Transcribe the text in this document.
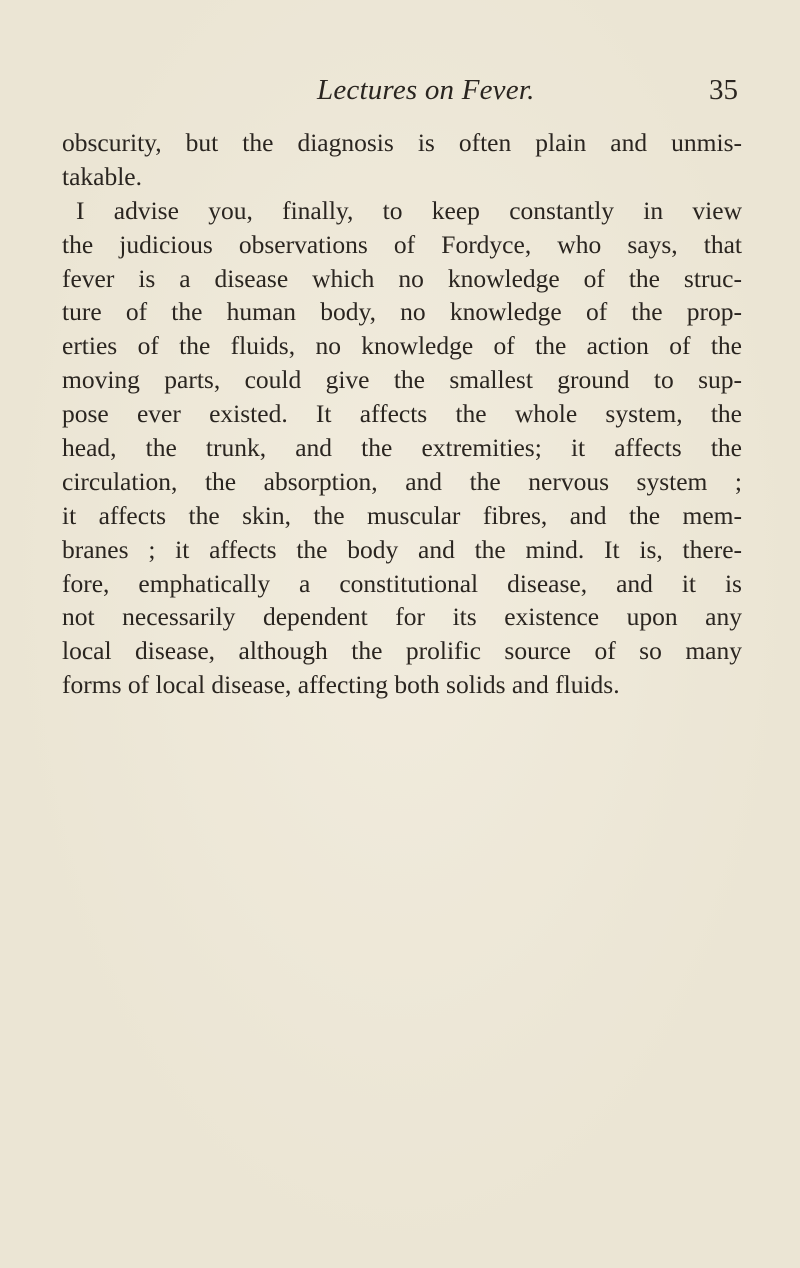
Lectures on Fever.	35
obscurity, but the diagnosis is often plain and unmis-
takable.
I advise you, finally, to keep constantly in view
the judicious observations of Fordyce, who says, that
fever is a disease which no knowledge of the struc-
ture of the human body, no knowledge of the prop-
erties of the fluids, no knowledge of the action of the
moving parts, could give the smallest ground to sup-
pose ever existed. It affects the whole system, the
head, the trunk, and the extremities; it affects the
circulation, the absorption, and the nervous system ;
it affects the skin, the muscular fibres, and the mem-
branes ; it affects the body and the mind. It is, there-
fore, emphatically a constitutional disease, and it is
not necessarily dependent for its existence upon any
local disease, although the prolific source of so many
forms of local disease, affecting both solids and fluids.
